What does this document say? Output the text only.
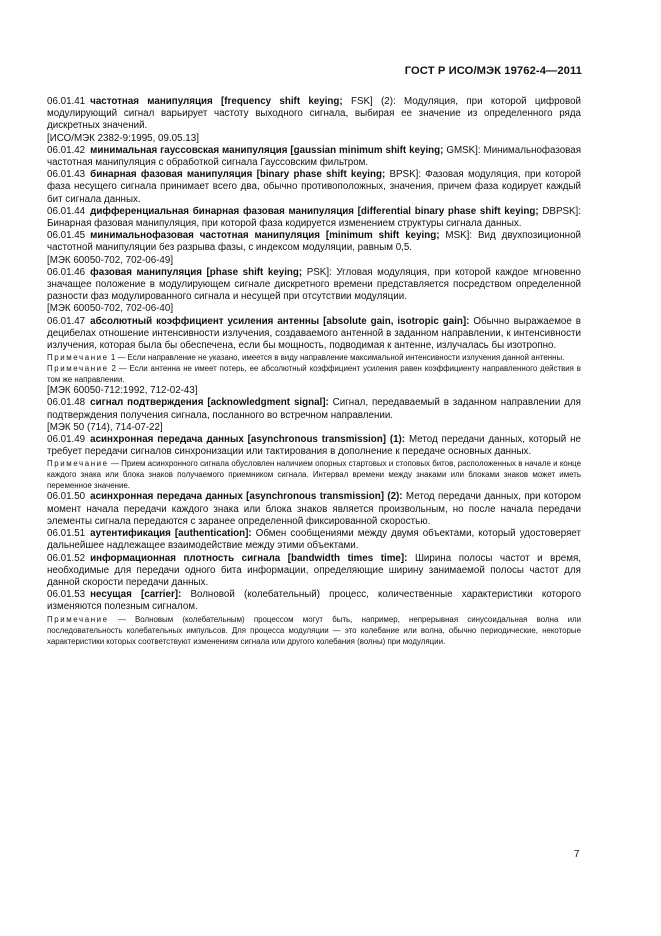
ГОСТ Р ИСО/МЭК 19762-4—2011

06.01.41 частотная манипуляция [frequency shift keying; FSK] (2): Модуляция, при которой цифровой модулирующий сигнал варьирует частоту выходного сигнала, выбирая ее значение из определенного ряда дискретных значений.

[ИСО/МЭК 2382-9:1995, 09.05.13]

06.01.42 минимальная гауссовская манипуляция [gaussian minimum shift keying; GMSK]: Минимальнофазовая частотная манипуляция с обработкой сигнала Гауссовским фильтром.

06.01.43 бинарная фазовая манипуляция [binary phase shift keying; BPSK]: Фазовая модуляция, при которой фаза несущего сигнала принимает всего два, обычно противоположных, значения, причем фаза кодирует каждый бит сигнала данных.

06.01.44 дифференциальная бинарная фазовая манипуляция [differential binary phase shift keying; DBPSK]: Бинарная фазовая манипуляция, при которой фаза кодируется изменением структуры сигнала данных.

06.01.45 минимальнофазовая частотная манипуляция [minimum shift keying; MSK]: Вид двухпозиционной частотной манипуляции без разрыва фазы, с индексом модуляции, равным 0,5.

[МЭК 60050-702, 702-06-49]

06.01.46 фазовая манипуляция [phase shift keying; PSK]: Угловая модуляция, при которой каждое мгновенно значащее положение в модулирующем сигнале дискретного времени представляется посредством определенной разности фаз модулированного сигнала и несущей при отсутствии модуляции.

[МЭК 60050-702, 702-06-40]

06.01.47 абсолютный коэффициент усиления антенны [absolute gain, isotropic gain]: Обычно выражаемое в децибелах отношение интенсивности излучения, создаваемого антенной в заданном направлении, к интенсивности излучения, которая была бы обеспечена, если бы мощность, подводимая к антенне, излучалась бы изотропно.

Примечание 1 — Если направление не указано, имеется в виду направление максимальной интенсивности излучения данной антенны.

Примечание 2 — Если антенна не имеет потерь, ее абсолютный коэффициент усиления равен коэффициенту направленного действия в том же направлении.

[МЭК 60050-712:1992, 712-02-43]

06.01.48 сигнал подтверждения [acknowledgment signal]: Сигнал, передаваемый в заданном направлении для подтверждения получения сигнала, посланного во встречном направлении.

[МЭК 50 (714), 714-07-22]

06.01.49 асинхронная передача данных [asynchronous transmission] (1): Метод передачи данных, который не требует передачи сигналов синхронизации или тактирования в дополнение к передаче основных данных.

Примечание — Прием асинхронного сигнала обусловлен наличием опорных стартовых и стоповых битов, расположенных в начале и конце каждого знака или блока знаков получаемого приемником сигнала. Интервал времени между знаками или блоками знаков может иметь переменное значение.

06.01.50 асинхронная передача данных [asynchronous transmission] (2): Метод передачи данных, при котором момент начала передачи каждого знака или блока знаков является произвольным, но после начала передачи элементы сигнала передаются с заранее определенной фиксированной скоростью.

06.01.51 аутентификация [authentication]: Обмен сообщениями между двумя объектами, который удостоверяет дальнейшее надлежащее взаимодействие между этими объектами.

06.01.52 информационная плотность сигнала [bandwidth times time]: Ширина полосы частот и время, необходимые для передачи одного бита информации, определяющие ширину занимаемой полосы частот для данной скорости передачи данных.

06.01.53 несущая [carrier]: Волновой (колебательный) процесс, количественные характеристики которого изменяются полезным сигналом.

Примечание — Волновым (колебательным) процессом могут быть, например, непрерывная синусоидальная волна или последовательность колебательных импульсов. Для процесса модуляции — это колебание или волна, обычно периодические, некоторые характеристики которых соответствуют изменениям сигнала или другого колебания (волны) при модуляции.

7
